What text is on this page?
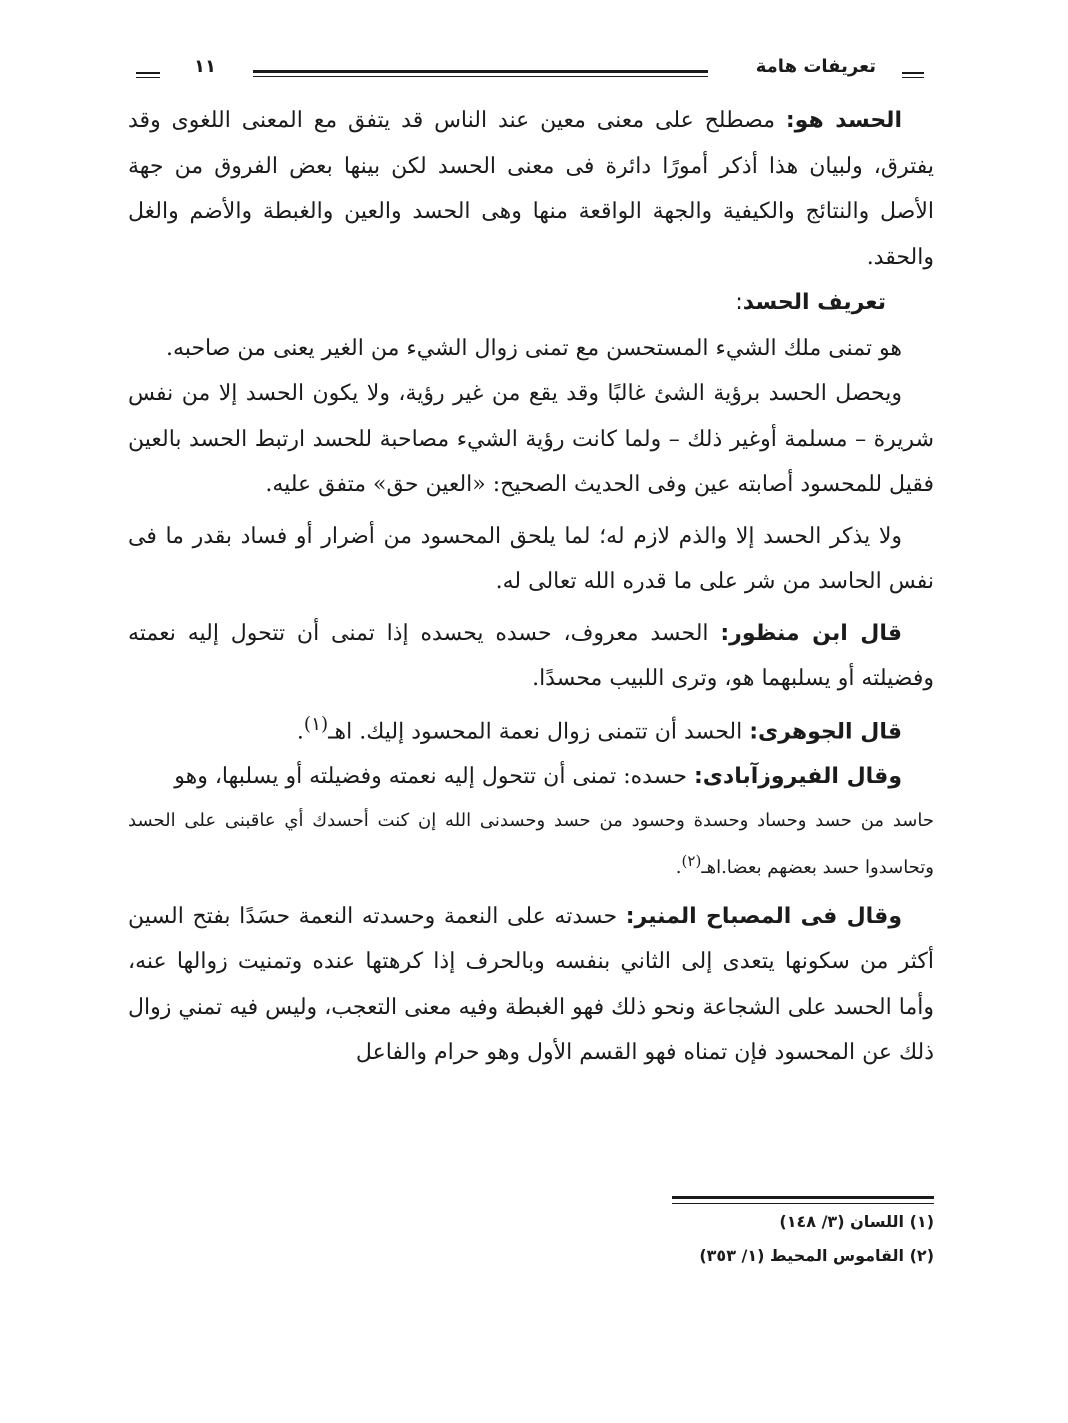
تعريفات هامة
١١

الحسد هو: مصطلح على معنى معين عند الناس قد يتفق مع المعنى اللغوى وقد يفترق، ولبيان هذا أذكر أمورًا دائرة فى معنى الحسد لكن بينها بعض الفروق من جهة الأصل والنتائج والكيفية والجهة الواقعة منها وهى الحسد والعين والغبطة والأضم والغل والحقد.

تعريف الحسد:

هو تمنى ملك الشيء المستحسن مع تمنى زوال الشيء من الغير يعنى من صاحبه.

ويحصل الحسد برؤية الشئ غالبًا وقد يقع من غير رؤية، ولا يكون الحسد إلا من نفس شريرة – مسلمة أوغير ذلك – ولما كانت رؤية الشيء مصاحبة للحسد ارتبط الحسد بالعين فقيل للمحسود أصابته عين وفى الحديث الصحيح: «العين حق» متفق عليه.

ولا يذكر الحسد إلا والذم لازم له؛ لما يلحق المحسود من أضرار أو فساد بقدر ما فى نفس الحاسد من شر على ما قدره الله تعالى له.

قال ابن منظور: الحسد معروف، حسده يحسده إذا تمنى أن تتحول إليه نعمته وفضيلته أو يسلبهما هو، وترى اللبيب محسدًا.

قال الجوهرى: الحسد أن تتمنى زوال نعمة المحسود إليك. اهـ$^{(١)}$.

وقال الفيروزآبادى: حسده: تمنى أن تتحول إليه نعمته وفضيلته أو يسلبها، وهو

حاسد من حسد وحساد وحسدة وحسود من حسد وحسدنى الله إن كنت أحسدك أي عاقبنى على الحسد وتحاسدوا حسد بعضهم بعضا.اهـ$^{(٢)}$.

وقال فى المصباح المنير: حسدته على النعمة وحسدته النعمة حسَدًا بفتح السين أكثر من سكونها يتعدى إلى الثاني بنفسه وبالحرف إذا كرهتها عنده وتمنيت زوالها عنه، وأما الحسد على الشجاعة ونحو ذلك فهو الغبطة وفيه معنى التعجب، وليس فيه تمني زوال ذلك عن المحسود فإن تمناه فهو القسم الأول وهو حرام والفاعل

(١) اللسان (٣/ ١٤٨)

(٢) القاموس المحيط (١/ ٣٥٣)
